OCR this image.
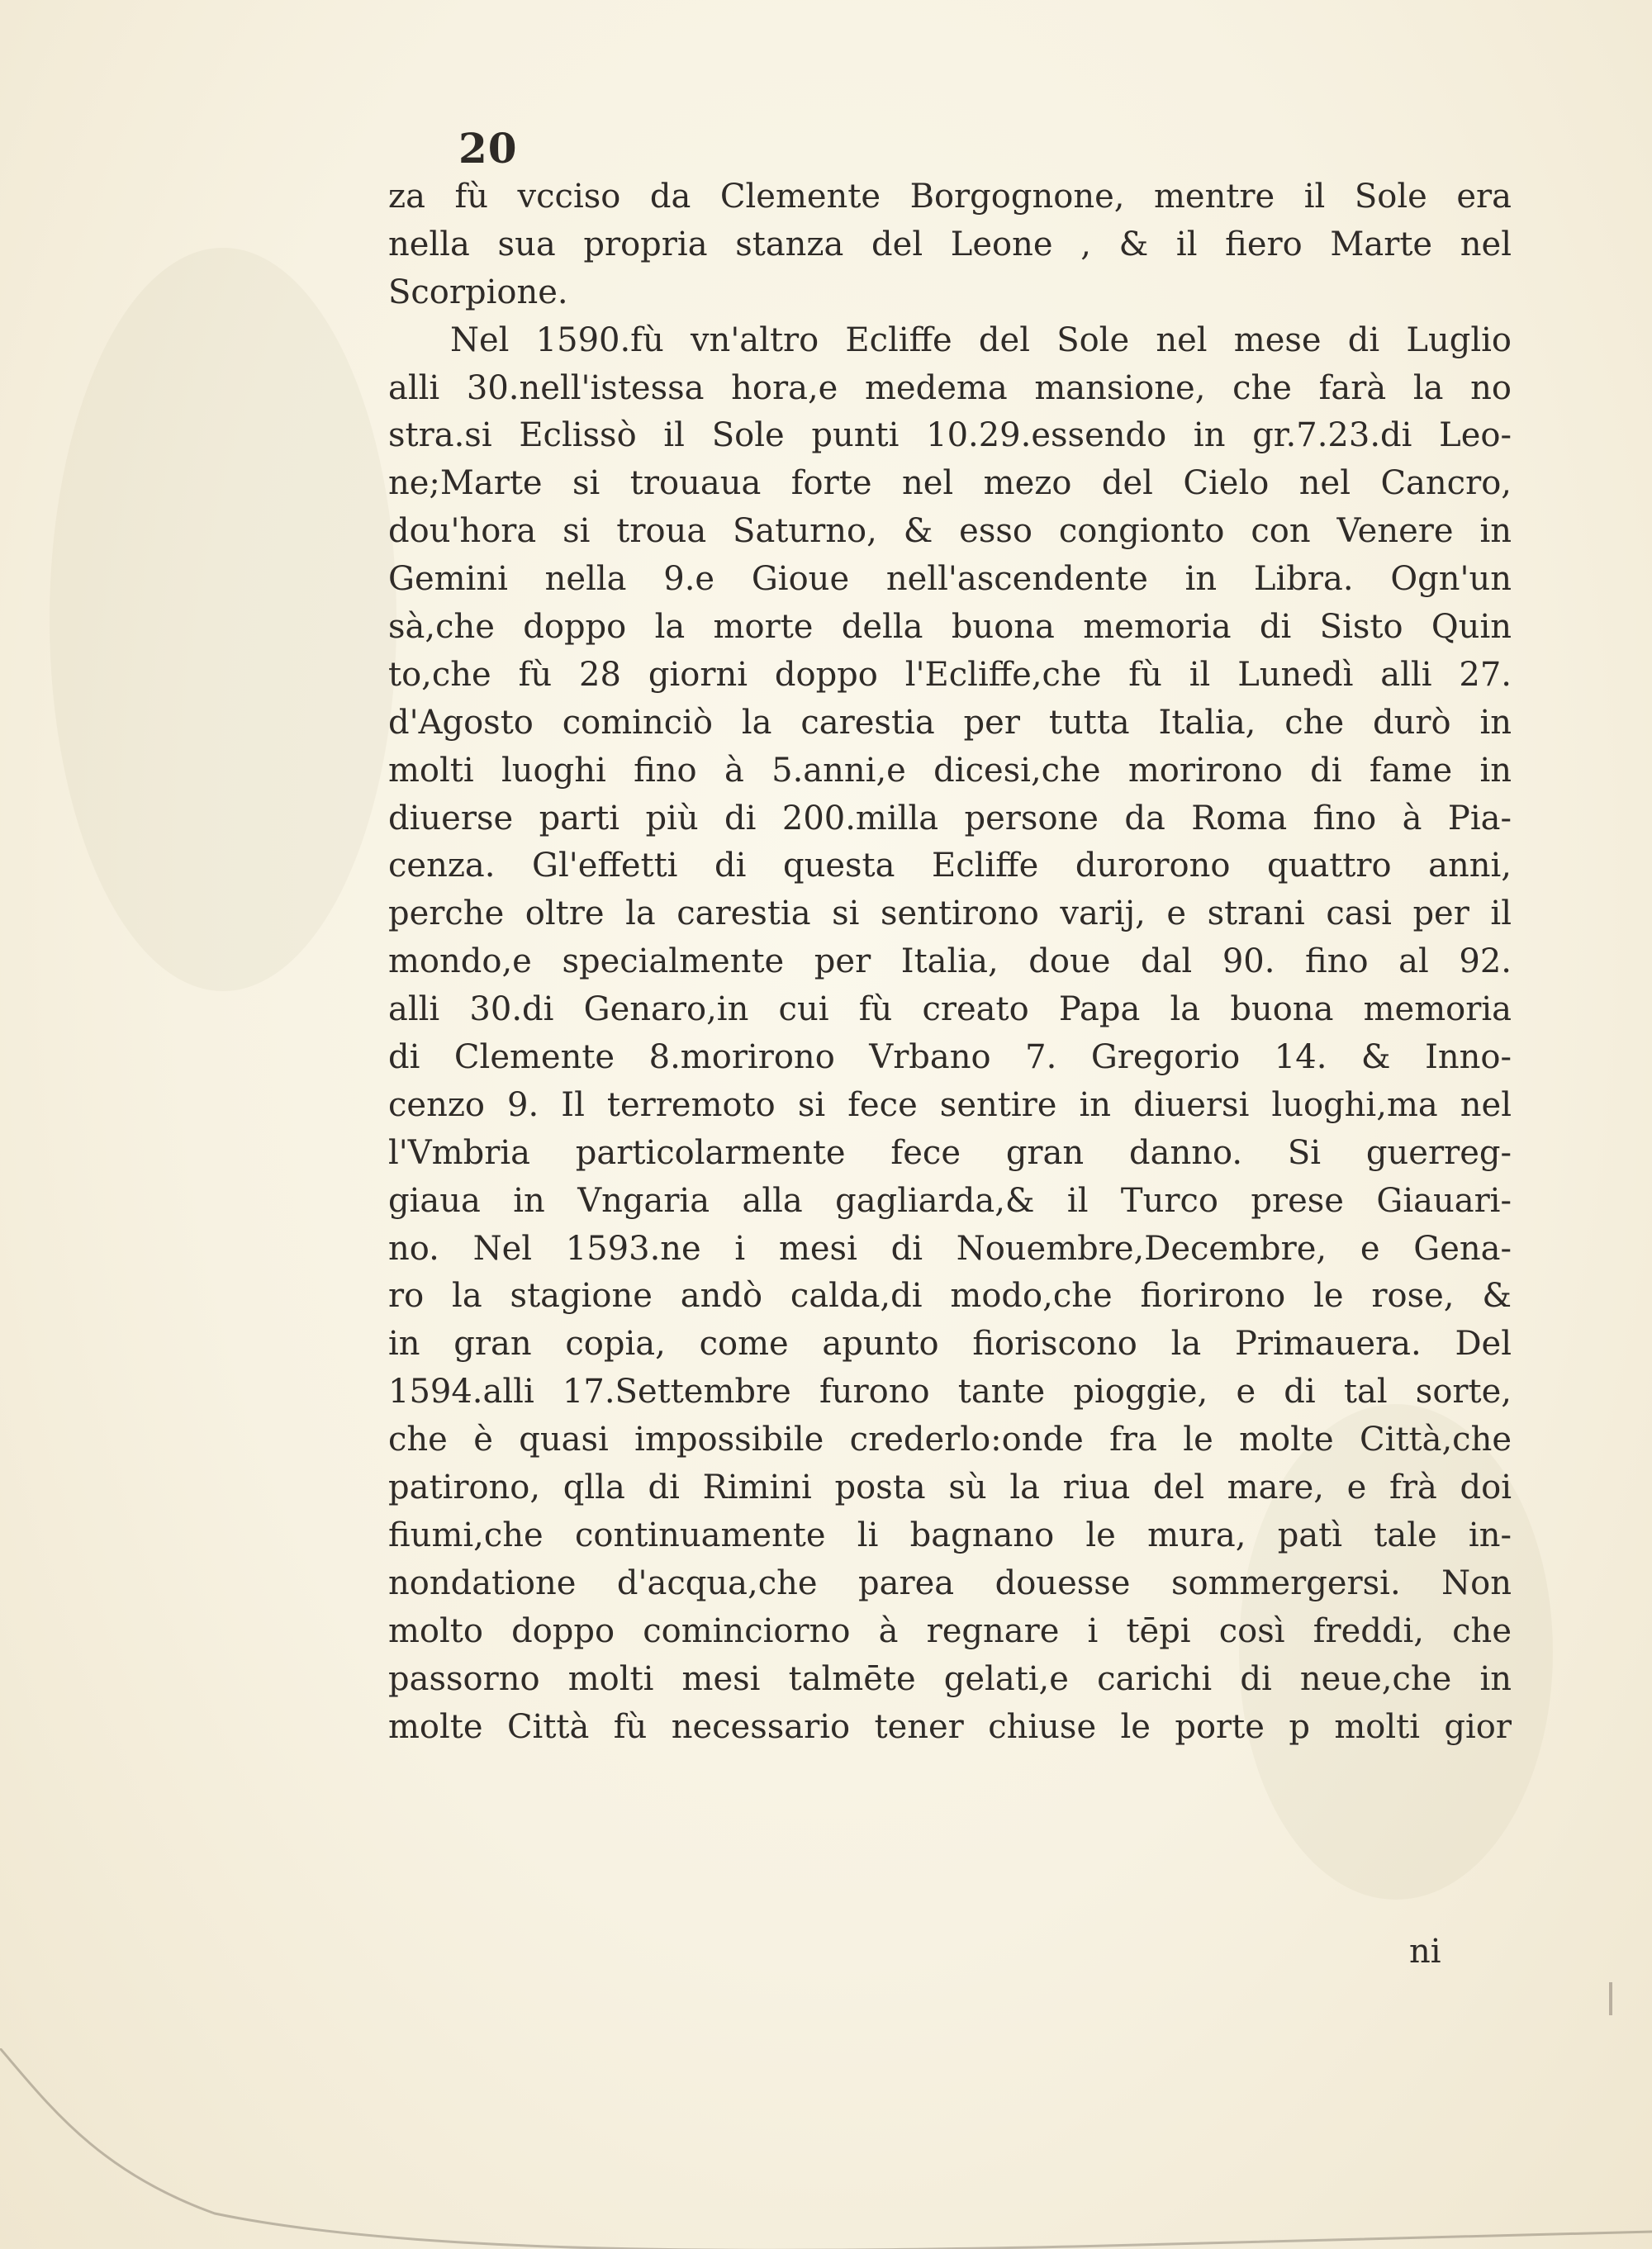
20
za fù vcciso da Clemente Borgognone, mentre il Sole era
nella sua propria stanza del Leone , & il fiero Marte nel
Scorpione.
Nel 1590.fù vn'altro Ecliffe del Sole nel mese di Luglio
alli 30.nell'istessa hora,e medema mansione, che farà la no
stra.si Eclissò il Sole punti 10.29.essendo in gr.7.23.di Leo-
ne;Marte si trouaua forte nel mezo del Cielo nel Cancro,
dou'hora si troua Saturno, & esso congionto con Venere in
Gemini nella 9.e Gioue nell'ascendente in Libra. Ogn'un
sà,che doppo la morte della buona memoria di Sisto Quin
to,che fù 28 giorni doppo l'Ecliffe,che fù il Lunedì alli 27.
d'Agosto cominciò la carestia per tutta Italia, che durò in
molti luoghi fino à 5.anni,e dicesi,che morirono di fame in
diuerse parti più di 200.milla persone da Roma fino à Pia-
cenza. Gl'effetti di questa Ecliffe durorono quattro anni,
perche oltre la carestia si sentirono varij, e strani casi per il
mondo,e specialmente per Italia, doue dal 90. fino al 92.
alli 30.di Genaro,in cui fù creato Papa la buona memoria
di Clemente 8.morirono Vrbano 7. Gregorio 14. & Inno-
cenzo 9. Il terremoto si fece sentire in diuersi luoghi,ma nel
l'Vmbria particolarmente fece gran danno. Si guerreg-
giaua in Vngaria alla gagliarda,& il Turco prese Giauari-
no. Nel 1593.ne i mesi di Nouembre,Decembre, e Gena-
ro la stagione andò calda,di modo,che fiorirono le rose, &
in gran copia, come apunto fioriscono la Primauera. Del
1594.alli 17.Settembre furono tante pioggie, e di tal sorte,
che è quasi impossibile crederlo:onde fra le molte Città,che
patirono, qlla di Rimini posta sù la riua del mare, e frà doi
fiumi,che continuamente li bagnano le mura, patì tale in-
nondatione d'acqua,che parea douesse sommergersi. Non
molto doppo cominciorno à regnare i tēpi così freddi, che
passorno molti mesi talmēte gelati,e carichi di neue,che in
molte Città fù necessario tener chiuse le porte p molti gior
ni
